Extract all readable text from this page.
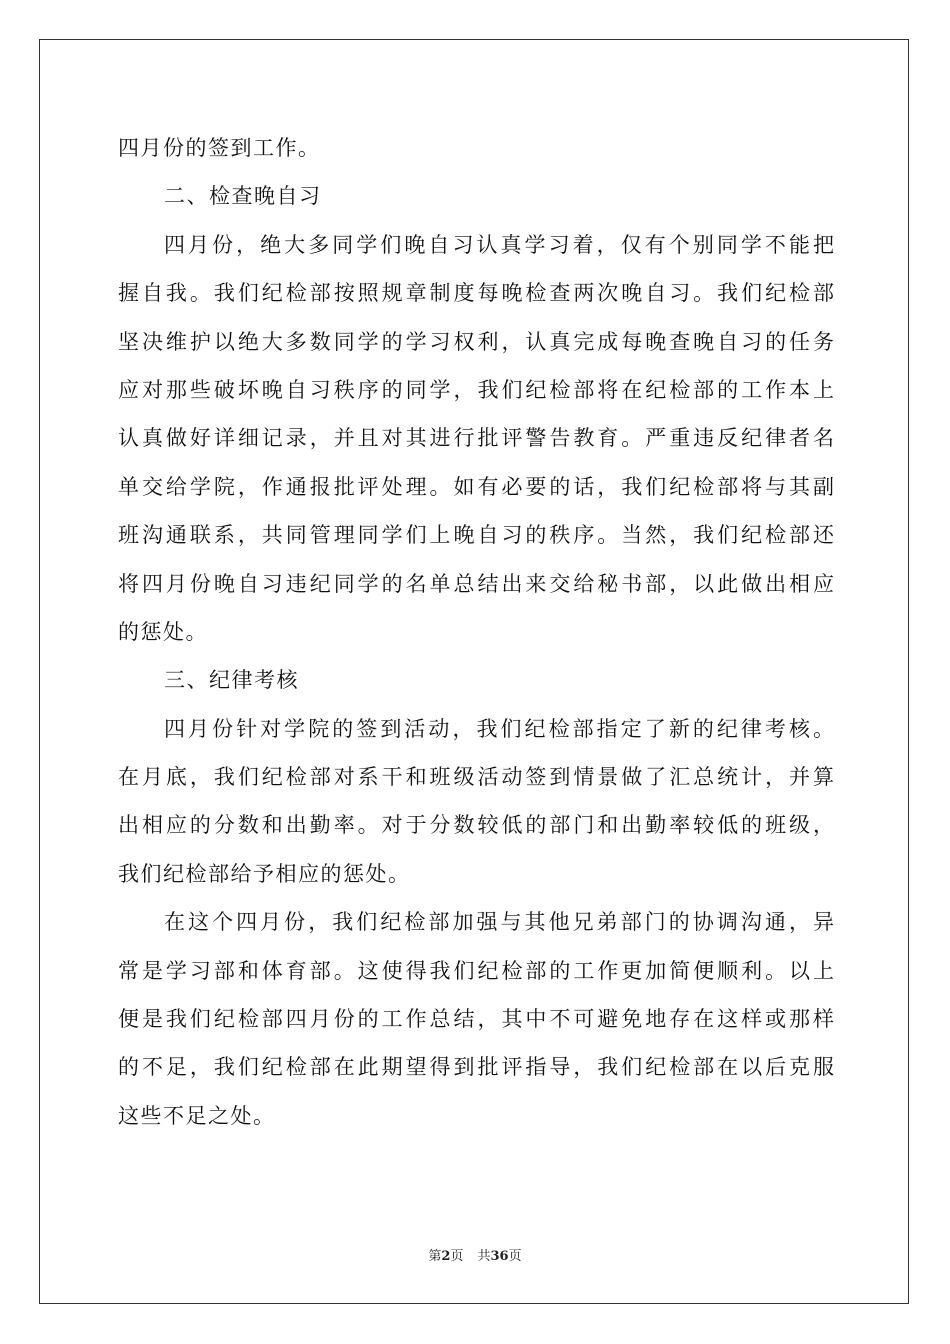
四月份的签到工作。
二、检查晚自习
四月份，绝大多同学们晚自习认真学习着，仅有个别同学不能把
握自我。我们纪检部按照规章制度每晚检查两次晚自习。我们纪检部
坚决维护以绝大多数同学的学习权利，认真完成每晚查晚自习的任务
应对那些破坏晚自习秩序的同学，我们纪检部将在纪检部的工作本上
认真做好详细记录，并且对其进行批评警告教育。严重违反纪律者名
单交给学院，作通报批评处理。如有必要的话，我们纪检部将与其副
班沟通联系，共同管理同学们上晚自习的秩序。当然，我们纪检部还
将四月份晚自习违纪同学的名单总结出来交给秘书部，以此做出相应
的惩处。
三、纪律考核
四月份针对学院的签到活动，我们纪检部指定了新的纪律考核。
在月底，我们纪检部对系干和班级活动签到情景做了汇总统计，并算
出相应的分数和出勤率。对于分数较低的部门和出勤率较低的班级，
我们纪检部给予相应的惩处。
在这个四月份，我们纪检部加强与其他兄弟部门的协调沟通，异
常是学习部和体育部。这使得我们纪检部的工作更加简便顺利。以上
便是我们纪检部四月份的工作总结，其中不可避免地存在这样或那样
的不足，我们纪检部在此期望得到批评指导，我们纪检部在以后克服
这些不足之处。
第2页 共36页
